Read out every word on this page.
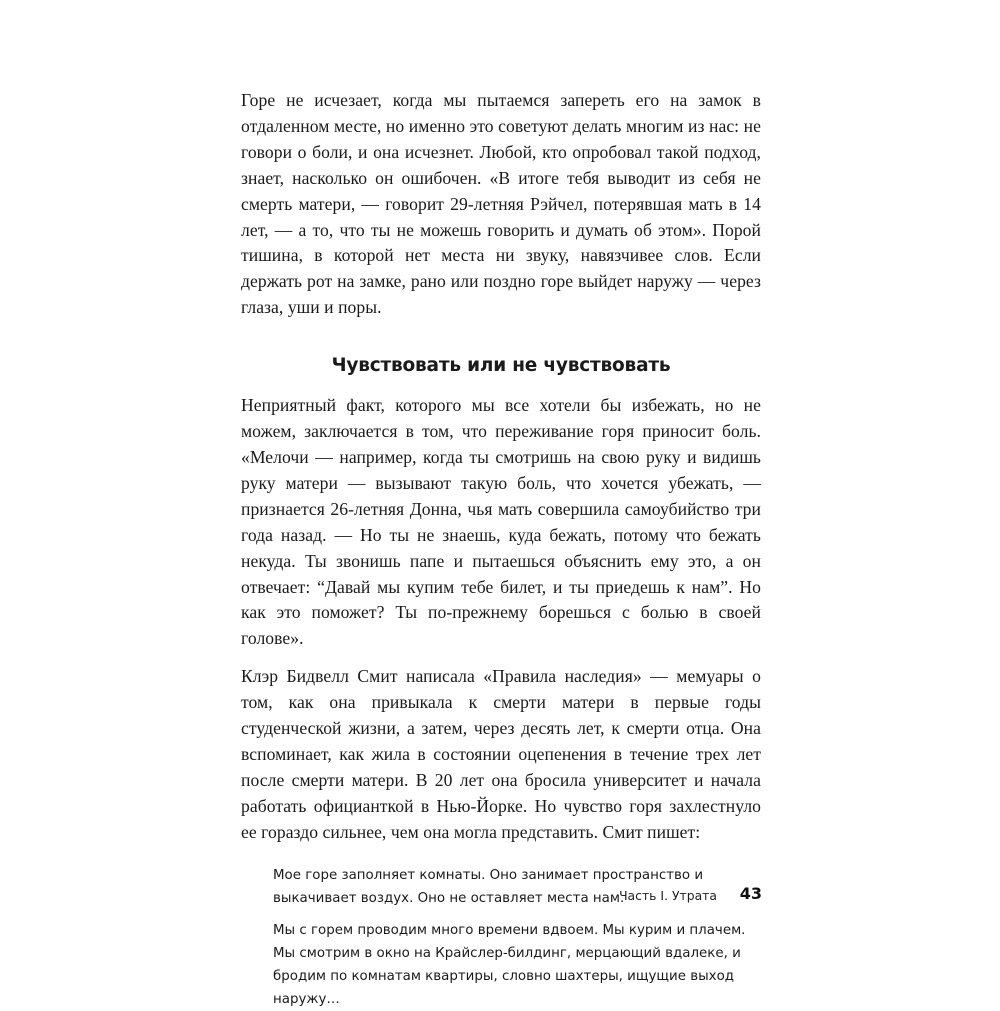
Горе не исчезает, когда мы пытаемся запереть его на замок в отдаленном месте, но именно это советуют делать многим из нас: не говори о боли, и она исчезнет. Любой, кто опробовал такой подход, знает, насколько он ошибочен. «В итоге тебя выводит из себя не смерть матери, — говорит 29-летняя Рэйчел, потерявшая мать в 14 лет, — а то, что ты не можешь говорить и думать об этом». Порой тишина, в которой нет места ни звуку, навязчивее слов. Если держать рот на замке, рано или поздно горе выйдет наружу — через глаза, уши и поры.

Чувствовать или не чувствовать

Неприятный факт, которого мы все хотели бы избежать, но не можем, заключается в том, что переживание горя приносит боль. «Мелочи — например, когда ты смотришь на свою руку и видишь руку матери — вызывают такую боль, что хочется убежать, — признается 26-летняя Донна, чья мать совершила самоубийство три года назад. — Но ты не знаешь, куда бежать, потому что бежать некуда. Ты звонишь папе и пытаешься объяснить ему это, а он отвечает: “Давай мы купим тебе билет, и ты приедешь к нам”. Но как это поможет? Ты по-прежнему борешься с болью в своей голове».

Клэр Бидвелл Смит написала «Правила наследия» — мемуары о том, как она привыкала к смерти матери в первые годы студенческой жизни, а затем, через десять лет, к смерти отца. Она вспоминает, как жила в состоянии оцепенения в течение трех лет после смерти матери. В 20 лет она бросила университет и начала работать официанткой в Нью-Йорке. Но чувство горя захлестнуло ее гораздо сильнее, чем она могла представить. Смит пишет:

Мое горе заполняет комнаты. Оно занимает пространство и выкачивает воздух. Оно не оставляет места нам.

Мы с горем проводим много времени вдвоем. Мы курим и плачем. Мы смотрим в окно на Крайслер-билдинг, мерцающий вдалеке, и бродим по комнатам квартиры, словно шахтеры, ищущие выход наружу…

Часть I. Утрата 43
